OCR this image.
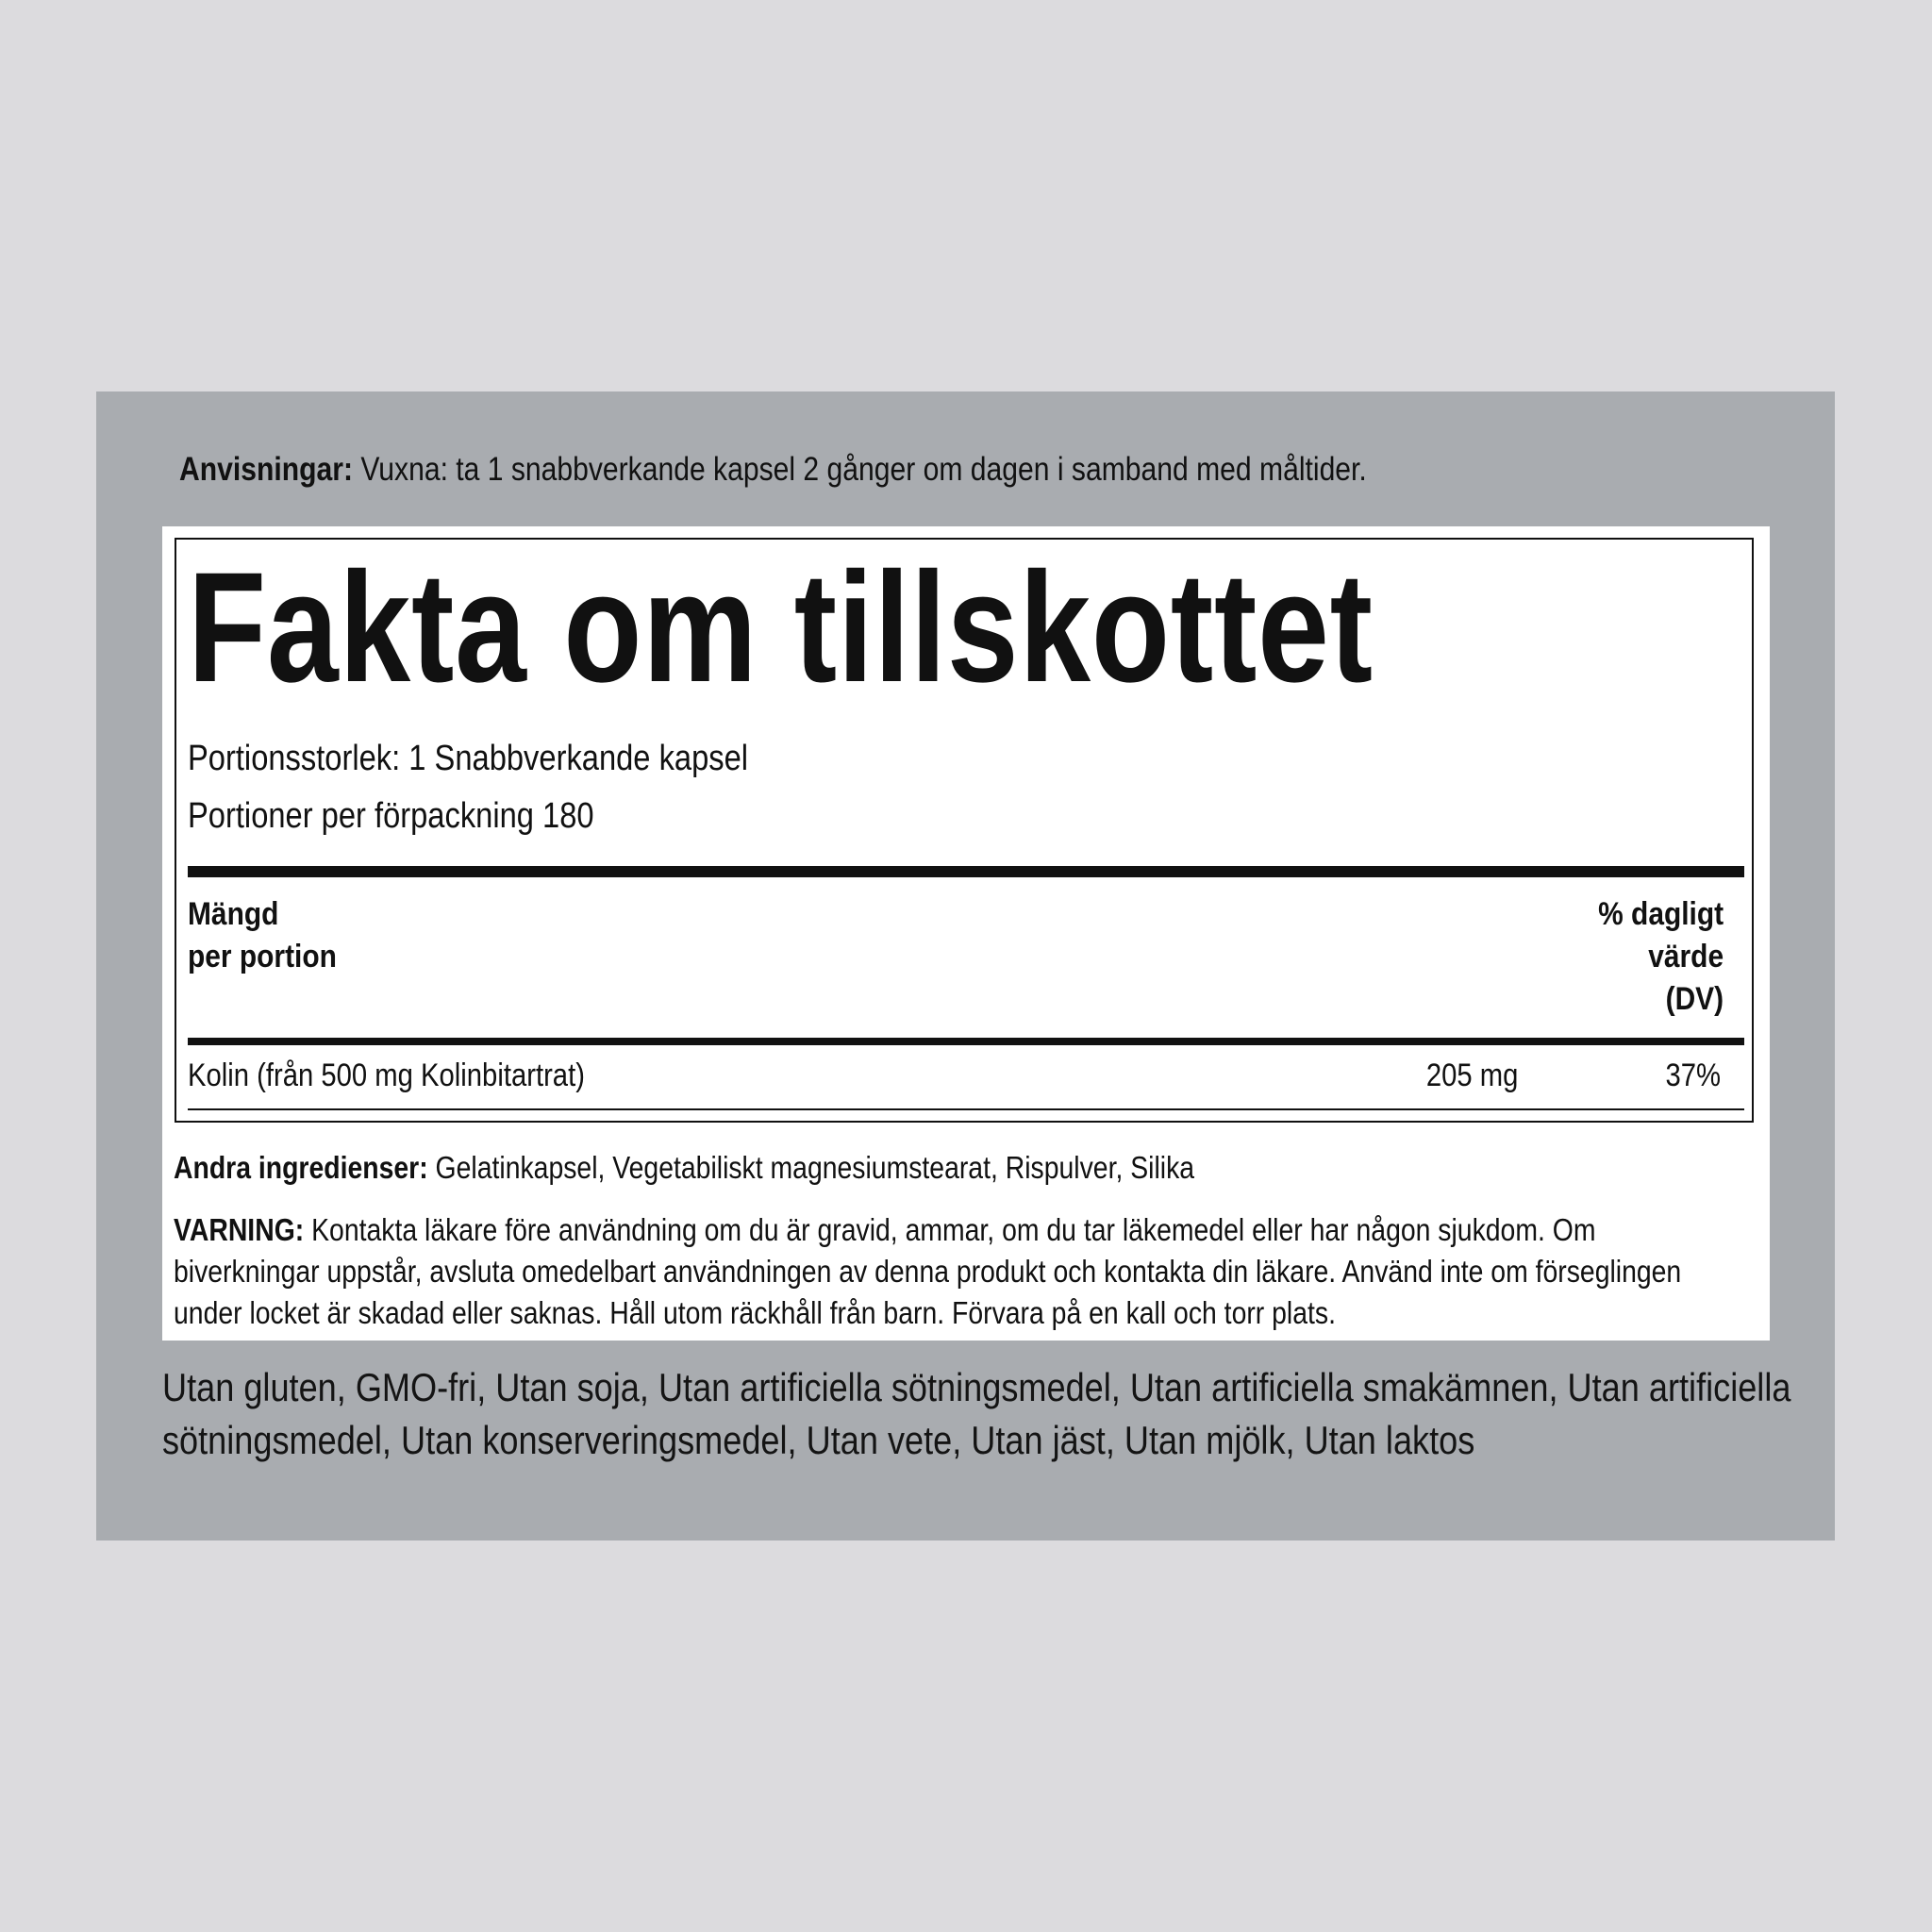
Anvisningar: Vuxna: ta 1 snabbverkande kapsel 2 gånger om dagen i samband med måltider.
Fakta om tillskottet
Portionsstorlek: 1 Snabbverkande kapsel
Portioner per förpackning 180
Mängd
per portion
% dagligt
värde
(DV)
Kolin (från 500 mg Kolinbitartrat)	205 mg	37%
Andra ingredienser: Gelatinkapsel, Vegetabiliskt magnesiumstearat, Rispulver, Silika
VARNING: Kontakta läkare före användning om du är gravid, ammar, om du tar läkemedel eller har någon sjukdom. Om biverkningar uppstår, avsluta omedelbart användningen av denna produkt och kontakta din läkare. Använd inte om förseglingen under locket är skadad eller saknas. Håll utom räckhåll från barn. Förvara på en kall och torr plats.
Utan gluten, GMO-fri, Utan soja, Utan artificiella sötningsmedel, Utan artificiella smakämnen, Utan artificiella sötningsmedel, Utan konserveringsmedel, Utan vete, Utan jäst, Utan mjölk, Utan laktos
